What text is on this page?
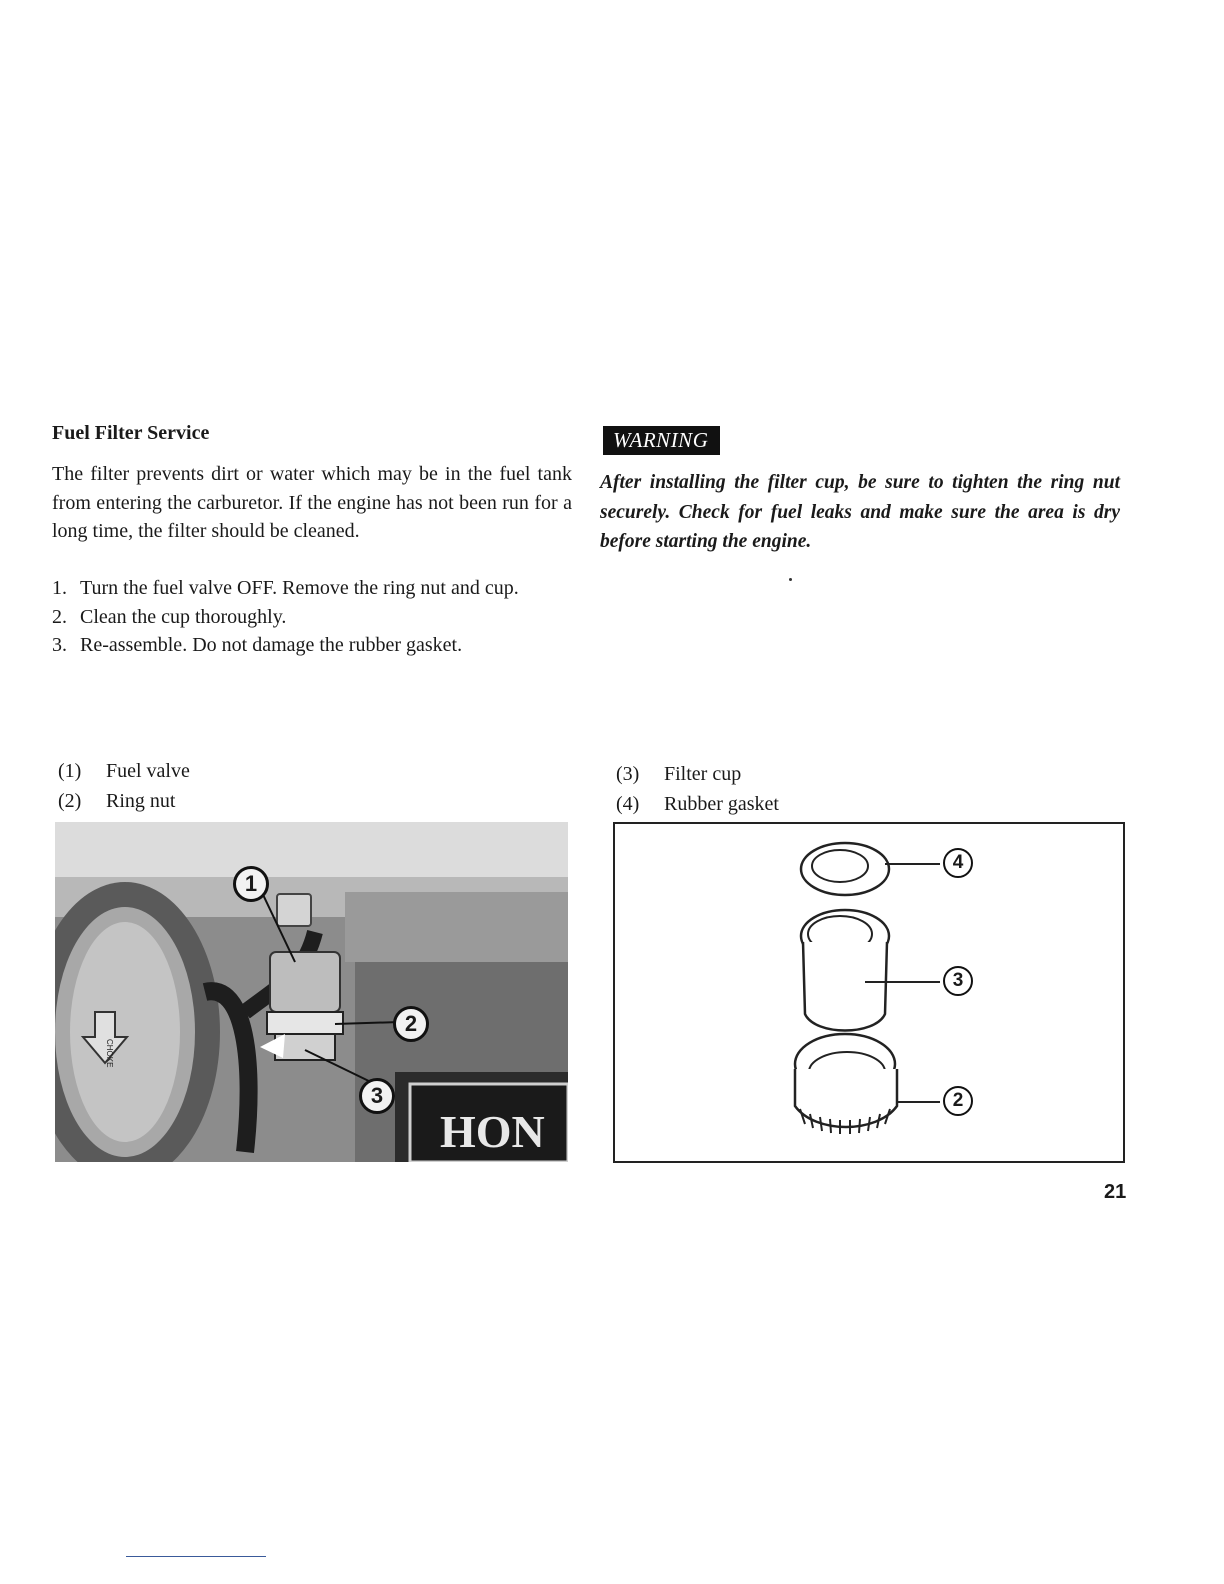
Fuel Filter Service
The filter prevents dirt or water which may be in the fuel tank from entering the carburetor. If the engine has not been run for a long time, the filter should be cleaned.
1. Turn the fuel valve OFF. Remove the ring nut and cup.
2. Clean the cup thoroughly.
3. Re-assemble. Do not damage the rubber gasket.
WARNING
After installing the filter cup, be sure to tighten the ring nut securely. Check for fuel leaks and make sure the area is dry before starting the engine.
(1)	Fuel valve
(2)	Ring nut
(3)	Filter cup
(4)	Rubber gasket
HON
CHOKE
1
2
3
4
3
2
21
